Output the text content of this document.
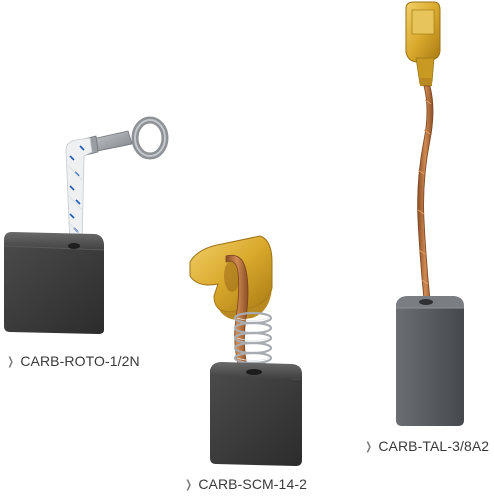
❯ CARB-ROTO-1/2N
❯ CARB-SCM-14-2
❯ CARB-TAL-3/8A2
